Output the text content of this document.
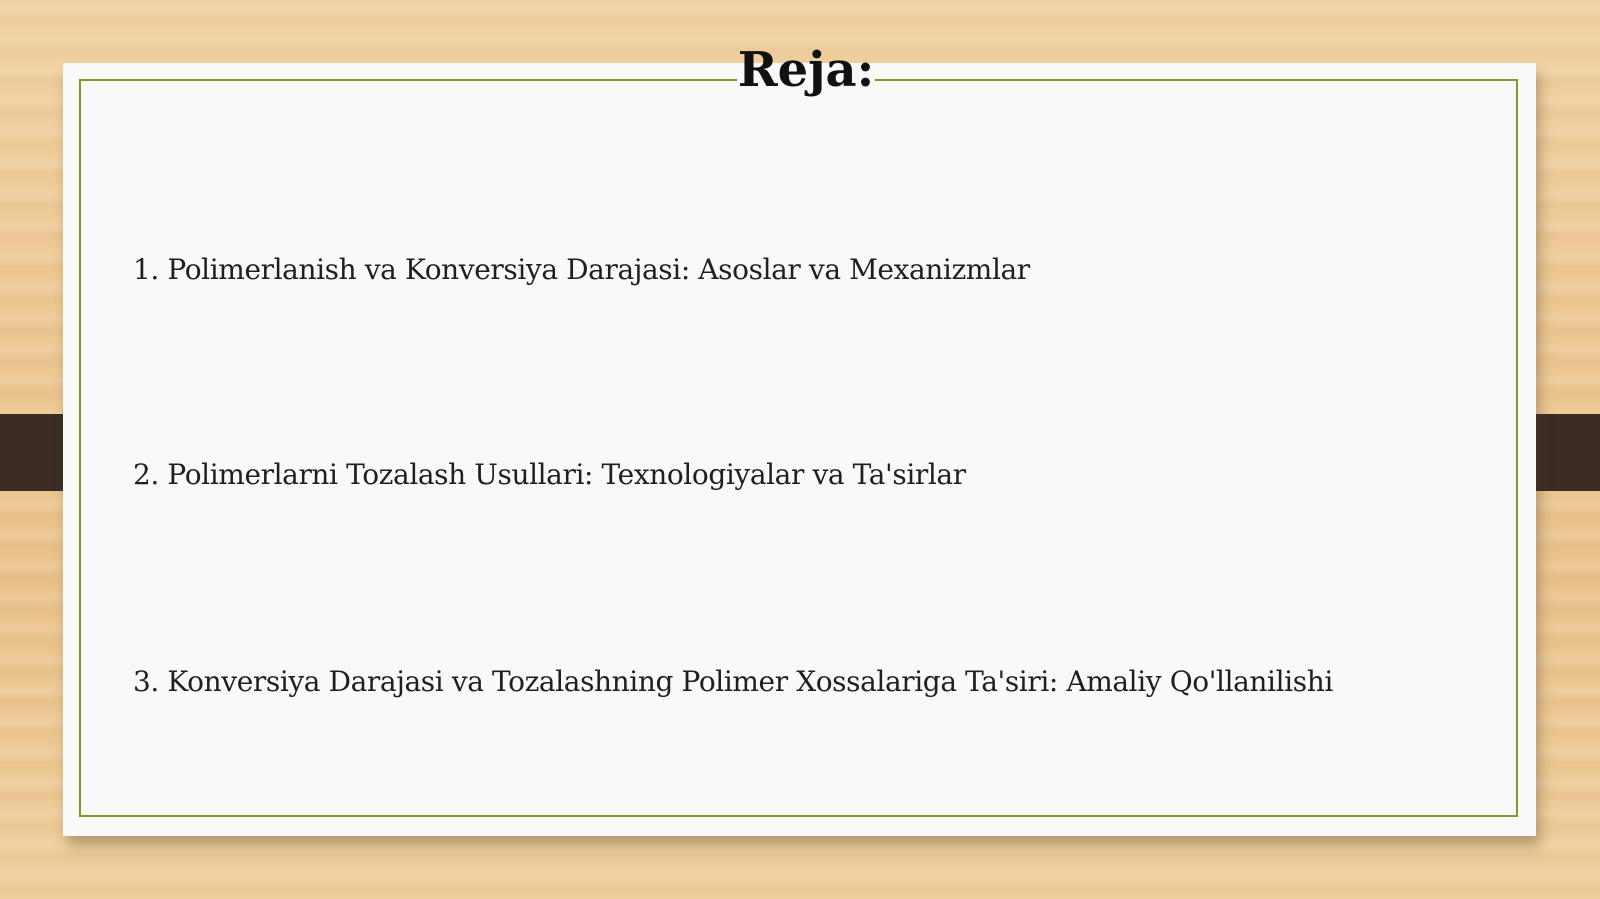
Reja:
1. Polimerlanish va Konversiya Darajasi: Asoslar va Mexanizmlar
2. Polimerlarni Tozalash Usullari: Texnologiyalar va Ta'sirlar
3. Konversiya Darajasi va Tozalashning Polimer Xossalariga Ta'siri: Amaliy Qo'llanilishi
